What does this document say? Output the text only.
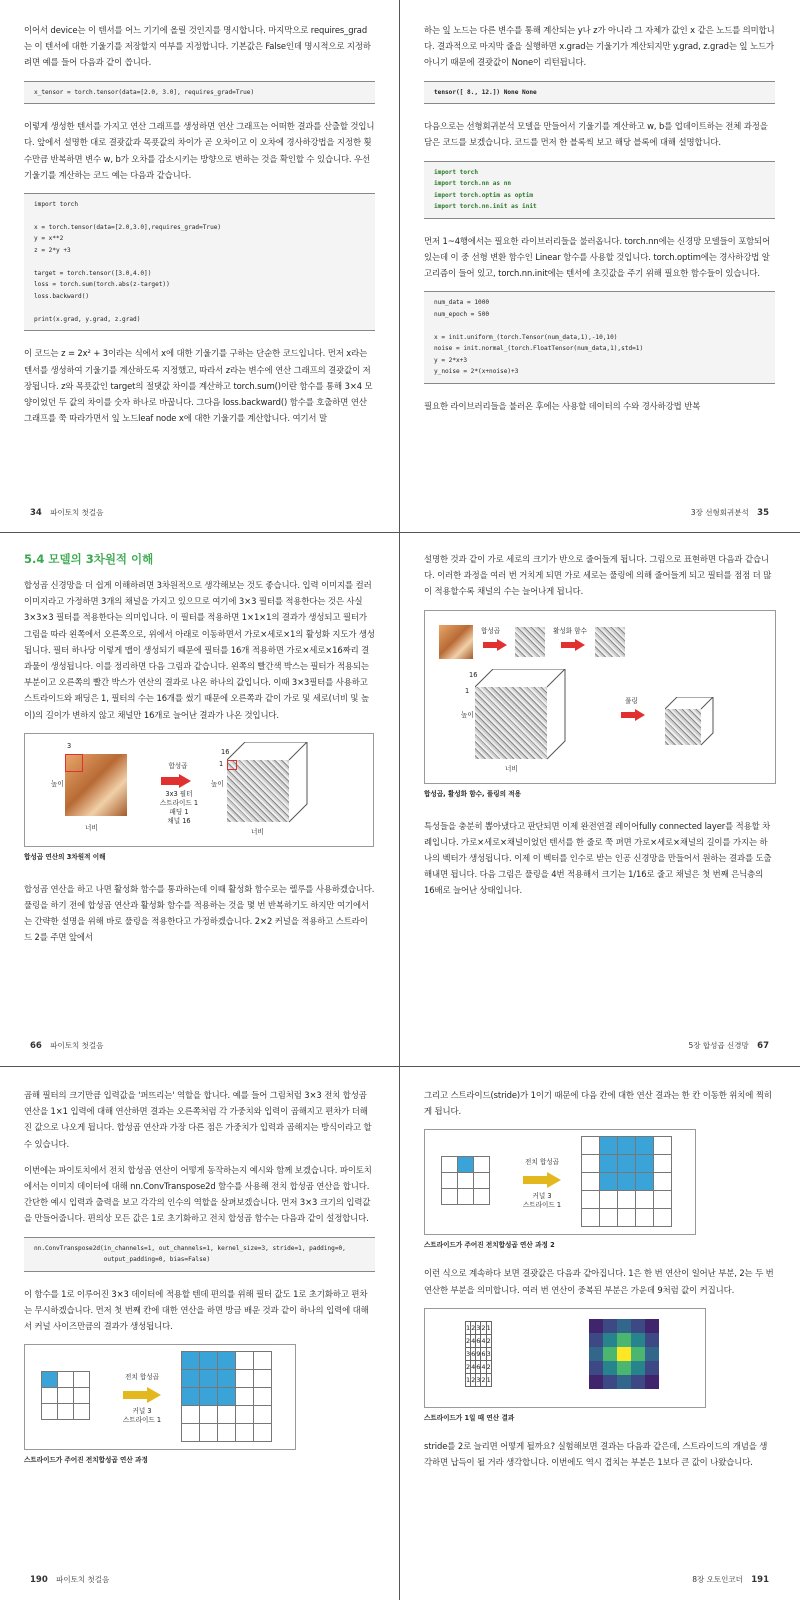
이어서 device는 이 텐서를 어느 기기에 올릴 것인지를 명시합니다. 마지막으로 requires_grad는 이 텐서에 대한 기울기를 저장할지 여부를 지정합니다. 기본값은 False인데 명시적으로 지정하려면 예를 들어 다음과 같이 씁니다.

x_tensor = torch.tensor(data=[2.0, 3.0], requires_grad=True)

이렇게 생성한 텐서를 가지고 연산 그래프를 생성하면 연산 그래프는 어떠한 결과를 산출할 것입니다. 앞에서 설명한 대로 결괏값과 목푯값의 차이가 곧 오차이고 이 오차에 경사하강법을 지정한 횟수만큼 반복하면 변수 w, b가 오차를 감소시키는 방향으로 변하는 것을 확인할 수 있습니다. 우선 기울기를 계산하는 코드 예는 다음과 같습니다.

import torch

x = torch.tensor(data=[2.0,3.0],requires_grad=True)
y = x**2
z = 2*y +3

target = torch.tensor([3.0,4.0])
loss = torch.sum(torch.abs(z-target))
loss.backward()

print(x.grad, y.grad, z.grad)

이 코드는 z = 2x² + 3이라는 식에서 x에 대한 기울기를 구하는 단순한 코드입니다. 먼저 x라는 텐서를 생성하여 기울기를 계산하도록 지정했고, 따라서 z라는 변수에 연산 그래프의 결괏값이 저장됩니다. z와 목푯값인 target의 절댓값 차이를 계산하고 torch.sum()이란 함수를 통해 3×4 모양이었던 두 값의 차이를 숫자 하나로 바꿉니다. 그다음 loss.backward() 함수를 호출하면 연산 그래프를 쭉 따라가면서 잎 노드leaf node x에 대한 기울기를 계산합니다. 여기서 말

34 파이토치 첫걸음

하는 잎 노드는 다른 변수를 통해 계산되는 y나 z가 아니라 그 자체가 값인 x 같은 노드를 의미합니다. 결과적으로 마지막 줄을 실행하면 x.grad는 기울기가 계산되지만 y.grad, z.grad는 잎 노드가 아니기 때문에 결괏값이 None이 리턴됩니다.

tensor([ 8., 12.]) None None

다음으로는 선형회귀분석 모델을 만들어서 기울기를 계산하고 w, b를 업데이트하는 전체 과정을 담은 코드를 보겠습니다. 코드를 먼저 한 블록씩 보고 해당 블록에 대해 설명합니다.

import torch
import torch.nn as nn
import torch.optim as optim
import torch.nn.init as init

먼저 1~4행에서는 필요한 라이브러리들을 불러옵니다. torch.nn에는 신경망 모델들이 포함되어 있는데 이 중 선형 변환 함수인 Linear 함수를 사용할 것입니다. torch.optim에는 경사하강법 알고리즘이 들어 있고, torch.nn.init에는 텐서에 초깃값을 주기 위해 필요한 함수들이 있습니다.

num_data = 1000
num_epoch = 500

x = init.uniform_(torch.Tensor(num_data,1),-10,10)
noise = init.normal_(torch.FloatTensor(num_data,1),std=1)
y = 2*x+3
y_noise = 2*(x+noise)+3

필요한 라이브러리들을 불러온 후에는 사용할 데이터의 수와 경사하강법 반복

3장 선형회귀분석 35
5.4 모델의 3차원적 이해

합성곱 신경망을 더 쉽게 이해하려면 3차원적으로 생각해보는 것도 좋습니다. 입력 이미지를 컬러 이미지라고 가정하면 3개의 채널을 가지고 있으므로 여기에 3×3 필터를 적용한다는 것은 사실 3×3×3 필터를 적용한다는 의미입니다. 이 필터를 적용하면 1×1×1의 결과가 생성되고 필터가 그림을 따라 왼쪽에서 오른쪽으로, 위에서 아래로 이동하면서 가로×세로×1의 활성화 지도가 생성 됩니다. 필터 하나당 이렇게 맵이 생성되기 때문에 필터를 16개 적용하면 가로×세로×16짜리 결과물이 생성됩니다. 이를 정리하면 다음 그림과 같습니다. 왼쪽의 빨간색 박스는 필터가 적용되는 부분이고 오른쪽의 빨간 박스가 연산의 결과로 나온 하나의 값입니다. 이때 3×3필터를 사용하고 스트라이드와 패딩은 1, 필터의 수는 16개를 썼기 때문에 오른쪽과 같이 가로 및 세로(너비 및 높이)의 길이가 변하지 않고 채널만 16개로 늘어난 결과가 나온 것입니다.

높이
너비
3
합성곱
3x3 필터
스트라이드 1
패딩 1
채널 16
높이
너비
16
1
합성곱 연산의 3차원적 이해

합성곱 연산을 하고 나면 활성화 함수를 통과하는데 이때 활성화 함수로는 렐루를 사용하겠습니다. 풀링을 하기 전에 합성곱 연산과 활성화 함수를 적용하는 것을 몇 번 반복하기도 하지만 여기에서는 간략한 설명을 위해 바로 풀링을 적용한다고 가정하겠습니다. 2×2 커널을 적용하고 스트라이드 2를 주면 앞에서

66 파이토치 첫걸음

설명한 것과 같이 가로 세로의 크기가 반으로 줄어들게 됩니다. 그림으로 표현하면 다음과 같습니다. 이러한 과정을 여러 번 거치게 되면 가로 세로는 풀링에 의해 줄어들게 되고 필터를 점점 더 많이 적용할수록 채널의 수는 늘어나게 됩니다.

합성곱	활성화 함수
높이
너비
16
1
풀링
합성곱, 활성화 함수, 풀링의 적용

특성들을 충분히 뽑아냈다고 판단되면 이제 완전연결 레이어fully connected layer를 적용할 차례입니다. 가로×세로×채널이었던 텐서를 한 줄로 쭉 펴면 가로×세로×채널의 길이를 가지는 하나의 벡터가 생성됩니다. 이제 이 벡터를 인수로 받는 인공 신경망을 만들어서 원하는 결과를 도출해내면 됩니다. 다음 그림은 풀링을 4번 적용해서 크기는 1/16로 줄고 채널은 첫 번째 은닉층의 16배로 늘어난 상태입니다.

5장 합성곱 신경망 67

곱해 필터의 크기만큼 입력값을 '퍼뜨리는' 역할을 합니다. 예를 들어 그림처럼 3×3 전치 합성곱 연산을 1×1 입력에 대해 연산하면 결과는 오른쪽처럼 각 가중치와 입력이 곱해지고 편차가 더해진 값으로 나오게 됩니다. 합성곱 연산과 가장 다른 점은 가중치가 입력과 곱해지는 방식이라고 할 수 있습니다.

이번에는 파이토치에서 전치 합성곱 연산이 어떻게 동작하는지 예시와 함께 보겠습니다. 파이토치에서는 이미지 데이터에 대해 nn.ConvTranspose2d 함수를 사용해 전치 합성곱 연산을 합니다. 간단한 예시 입력과 출력을 보고 각각의 인수의 역할을 살펴보겠습니다. 먼저 3×3 크기의 입력값을 만들어줍니다. 편의상 모든 값은 1로 초기화하고 전치 합성곱 함수는 다음과 같이 설정합니다.

nn.ConvTranspose2d(in_channels=1, out_channels=1, kernel_size=3, stride=1, padding=0,
output_padding=0, bias=False)

이 함수를 1로 이루어진 3×3 데이터에 적용할 텐데 편의를 위해 필터 값도 1로 초기화하고 편차는 무시하겠습니다. 먼저 첫 번째 칸에 대한 연산을 하면 방금 배운 것과 같이 하나의 입력에 대해서 커널 사이즈만큼의 결과가 생성됩니다.

전치 합성곱
커널 3
스트라이드 1
스트라이드가 주어진 전치합성곱 연산 과정
190 파이토치 첫걸음

그리고 스트라이드(stride)가 1이기 때문에 다음 칸에 대한 연산 결과는 한 칸 이동한 위치에 찍히게 됩니다.

전치 합성곱
커널 3
스트라이드 1
스트라이드가 주어진 전치합성곱 연산 과정 2

이런 식으로 계속하다 보면 결괏값은 다음과 같아집니다. 1은 한 번 연산이 일어난 부분, 2는 두 번 연산한 부분을 의미합니다. 여러 번 연산이 중복된 부분은 가운데 9처럼 값이 커집니다.

1	2	3	2	1
2	4	6	4	2
3	6	9	6	3
2	4	6	4	2
1	2	3	2	1
스트라이드가 1일 때 연산 결과

stride를 2로 늘리면 어떻게 될까요? 실험해보면 결과는 다음과 같은데, 스트라이드의 개념을 생각하면 납득이 될 거라 생각합니다. 이번에도 역시 겹치는 부분은 1보다 큰 값이 나왔습니다.

8장 오토인코더 191
